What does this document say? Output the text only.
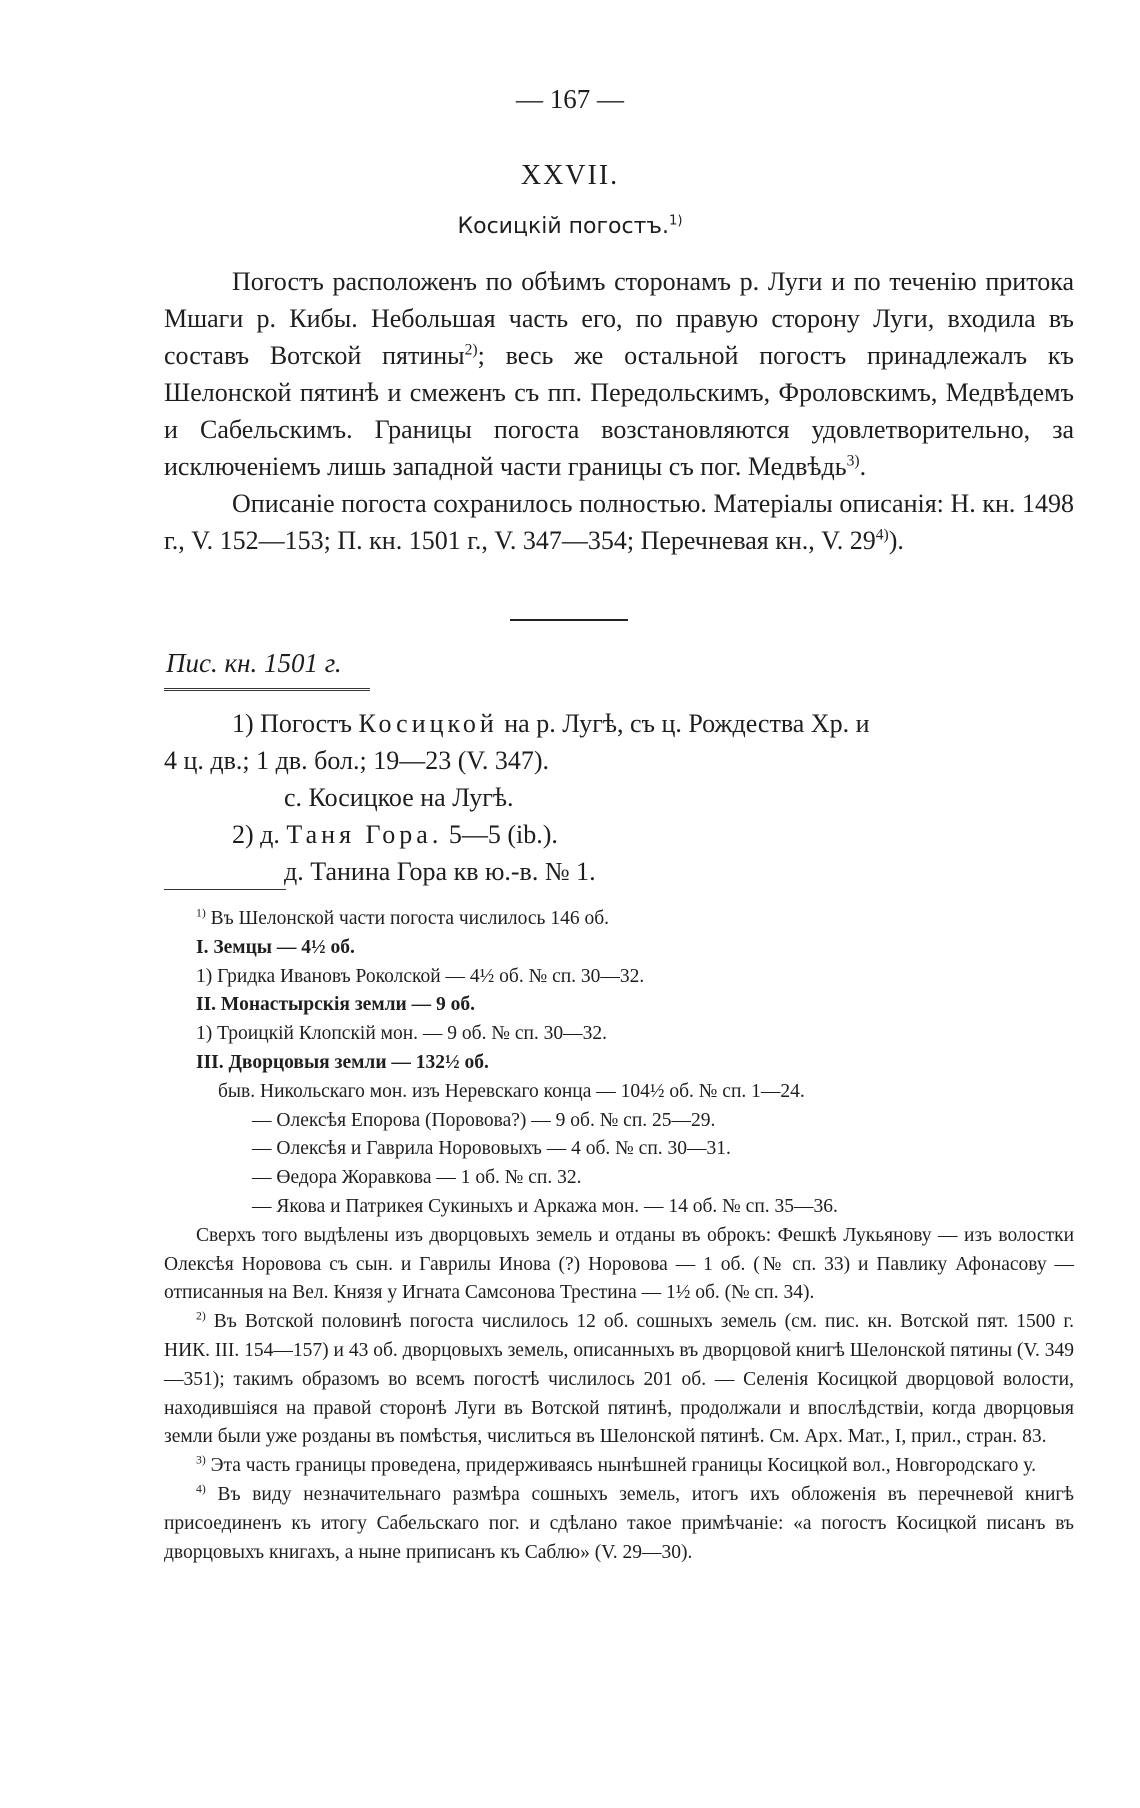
— 167 —
XXVII.
Косицкій погостъ.$^{1)}$

Погостъ расположенъ по обѣимъ сторонамъ р. Луги и по теченію притока Мшаги р. Кибы. Небольшая часть его, по правую сторону Луги, входила въ составъ Вотской пятины$^{2)}$; весь же остальной погостъ принадлежалъ къ Шелонской пятинѣ и смеженъ съ пп. Передольскимъ, Фроловскимъ, Медвѣдемъ и Сабельскимъ. Границы погоста возстановляются удовлетворительно, за исключеніемъ лишь западной части границы съ пог. Медвѣдь$^{3)}$.

Описаніе погоста сохранилось полностью. Матеріалы описанія: Н. кн. 1498 г., V. 152—153; П. кн. 1501 г., V. 347—354; Перечневая кн., V. 29$^{4)}$).

Пис. кн. 1501 г.
1) Погостъ Косицкой на р. Лугѣ, съ ц. Рождества Хр. и
4 ц. дв.; 1 дв. бол.; 19—23 (V. 347).
с. Косицкое на Лугѣ.
2) д. Таня Гора. 5—5 (ib.).
д. Танина Гора кв ю.-в. № 1.
$^{1)}$ Въ Шелонской части погоста числилось 146 об.
I. Земцы — 4½ об.
1) Гридка Ивановъ Роколской — 4½ об. № сп. 30—32.
II. Монастырскія земли — 9 об.
1) Троицкій Клопскій мон. — 9 об. № сп. 30—32.
III. Дворцовыя земли — 132½ об.
быв. Никольскаго мон. изъ Неревскаго конца — 104½ об. № сп. 1—24.
— Олексѣя Епорова (Поровова?) — 9 об. № сп. 25—29.
— Олексѣя и Гаврила Норововыхъ — 4 об. № сп. 30—31.
— Өедора Жоравкова — 1 об. № сп. 32.
— Якова и Патрикея Сукиныхъ и Аркажа мон. — 14 об. № сп. 35—36.
Сверхъ того выдѣлены изъ дворцовыхъ земель и отданы въ оброкъ: Фешкѣ Лукьянову — изъ волостки Олексѣя Норовова съ сын. и Гаврилы Инова (?) Норовова — 1 об. (№ сп. 33) и Павлику Афонасову — отписанныя на Вел. Князя у Игната Самсонова Трестина — 1½ об. (№ сп. 34).
$^{2)}$ Въ Вотской половинѣ погоста числилось 12 об. сошныхъ земель (см. пис. кн. Вотской пят. 1500 г. НИК. III. 154—157) и 43 об. дворцовыхъ земель, описанныхъ въ дворцовой книгѣ Шелонской пятины (V. 349—351); такимъ образомъ во всемъ погостѣ числилось 201 об. — Селенія Косицкой дворцовой волости, находившіяся на правой сторонѣ Луги въ Вотской пятинѣ, продолжали и впослѣдствіи, когда дворцовыя земли были уже розданы въ помѣстья, числиться въ Шелонской пятинѣ. См. Арх. Мат., I, прил., стран. 83.
$^{3)}$ Эта часть границы проведена, придерживаясь нынѣшней границы Косицкой вол., Новгородскаго у.
$^{4)}$ Въ виду незначительнаго размѣра сошныхъ земель, итогъ ихъ обложенія въ перечневой книгѣ присоединенъ къ итогу Сабельскаго пог. и сдѣлано такое примѣчаніе: «а погостъ Косицкой писанъ въ дворцовыхъ книгахъ, а ныне приписанъ къ Саблю» (V. 29—30).
